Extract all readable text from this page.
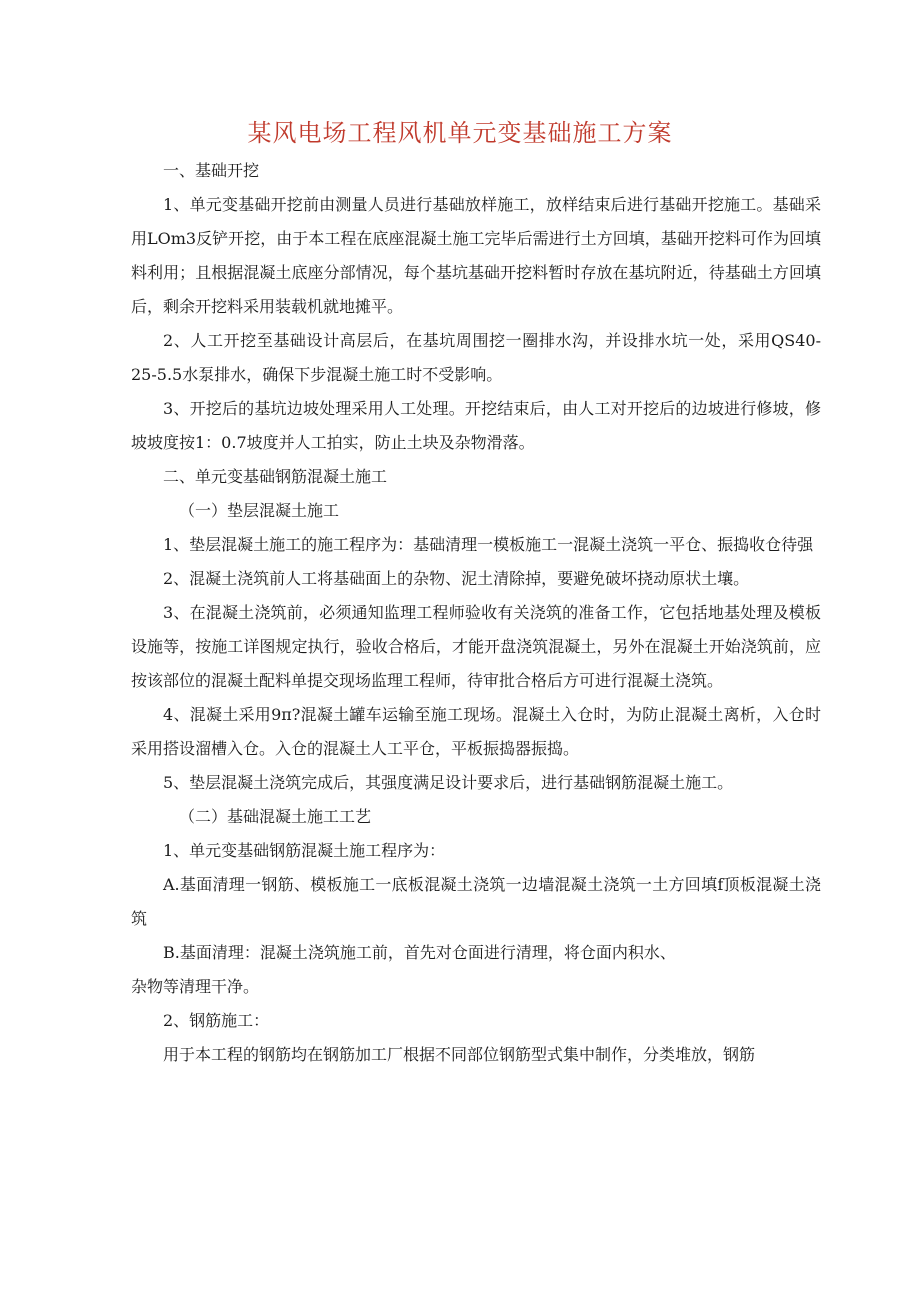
某风电场工程风机单元变基础施工方案

一、基础开挖

1、单元变基础开挖前由测量人员进行基础放样施工，放样结束后进行基础开挖施工。基础采用LOm3反铲开挖，由于本工程在底座混凝土施工完毕后需进行土方回填，基础开挖料可作为回填料利用；且根据混凝土底座分部情况，每个基坑基础开挖料暂时存放在基坑附近，待基础土方回填后，剩余开挖料采用装载机就地摊平。

2、人工开挖至基础设计高层后，在基坑周围挖一圈排水沟，并设排水坑一处，采用QS40-25-5.5水泵排水，确保下步混凝土施工时不受影响。

3、开挖后的基坑边坡处理采用人工处理。开挖结束后，由人工对开挖后的边坡进行修坡，修坡坡度按1：0.7坡度并人工拍实，防止土块及杂物滑落。

二、单元变基础钢筋混凝土施工

（一）垫层混凝土施工

1、垫层混凝土施工的施工程序为：基础清理一模板施工一混凝土浇筑一平仓、振捣收仓待强

2、混凝土浇筑前人工将基础面上的杂物、泥土清除掉，要避免破坏挠动原状土壤。

3、在混凝土浇筑前，必须通知监理工程师验收有关浇筑的准备工作，它包括地基处理及模板设施等，按施工详图规定执行，验收合格后，才能开盘浇筑混凝土，另外在混凝土开始浇筑前，应按该部位的混凝土配料单提交现场监理工程师，待审批合格后方可进行混凝土浇筑。

4、混凝土采用9π?混凝土罐车运输至施工现场。混凝土入仓时，为防止混凝土离析，入仓时采用搭设溜槽入仓。入仓的混凝土人工平仓，平板振捣器振捣。

5、垫层混凝土浇筑完成后，其强度满足设计要求后，进行基础钢筋混凝土施工。

（二）基础混凝土施工工艺

1、单元变基础钢筋混凝土施工程序为：

A.基面清理一钢筋、模板施工一底板混凝土浇筑一边墙混凝土浇筑一土方回填f顶板混凝土浇筑

B.基面清理：混凝土浇筑施工前，首先对仓面进行清理，将仓面内积水、

杂物等清理干净。

2、钢筋施工：

用于本工程的钢筋均在钢筋加工厂根据不同部位钢筋型式集中制作，分类堆放，钢筋
